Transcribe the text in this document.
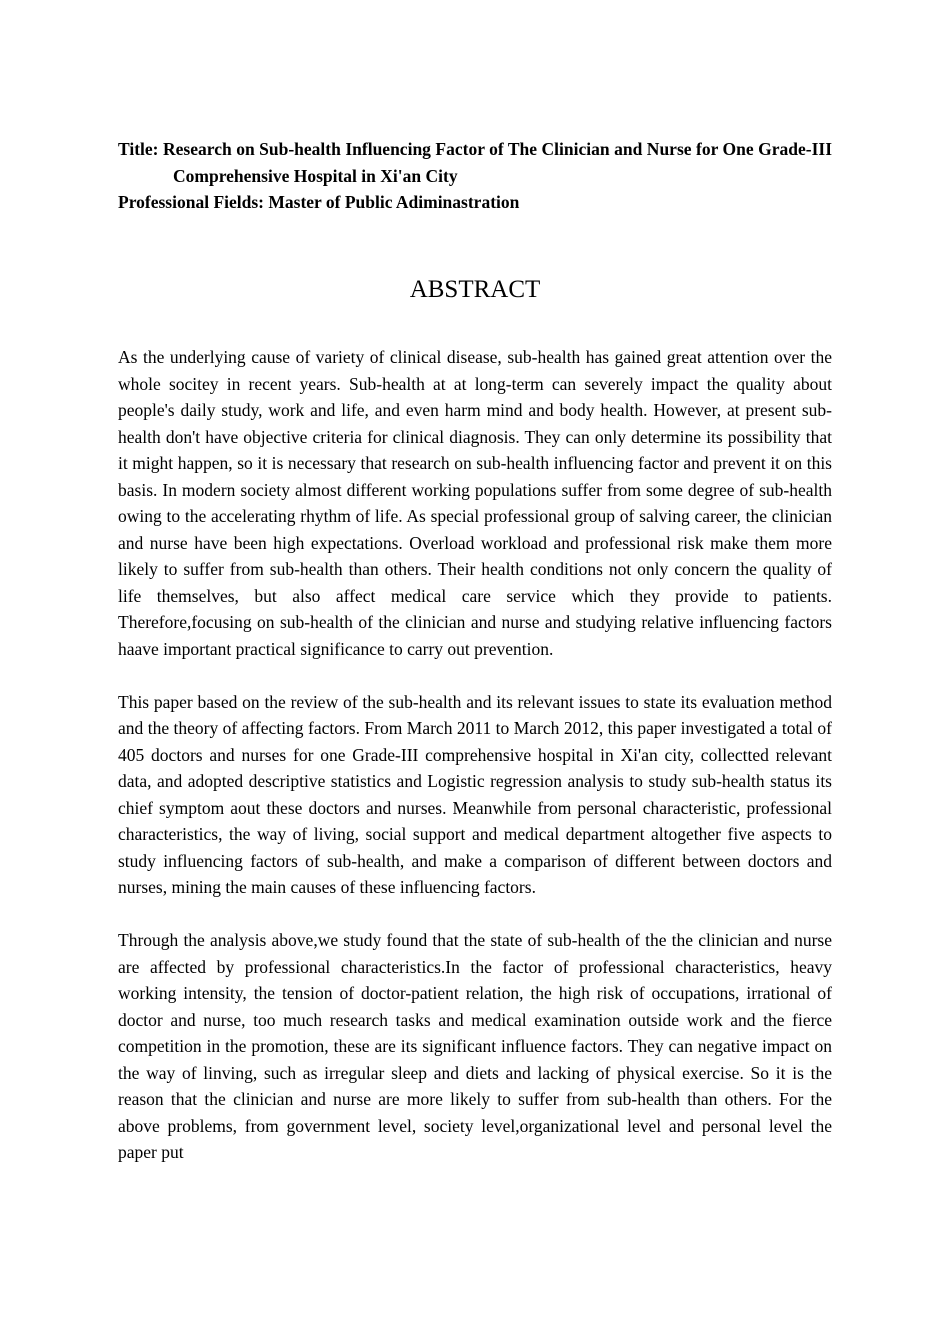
Title: Research on Sub-health Influencing Factor of The Clinician and Nurse for One Grade-III Comprehensive Hospital in Xi'an City
Professional Fields: Master of Public Adiminastration
ABSTRACT

As the underlying cause of variety of clinical disease, sub-health has gained great attention over the whole socitey in recent years. Sub-health at at long-term can severely impact the quality about people's daily study, work and life, and even harm mind and body health. However, at present sub-health don't have objective criteria for clinical diagnosis. They can only determine its possibility that it might happen, so it is necessary that research on sub-health influencing factor and prevent it on this basis. In modern society almost different working populations suffer from some degree of sub-health owing to the accelerating rhythm of life. As special professional group of salving career, the clinician and nurse have been high expectations. Overload workload and professional risk make them more likely to suffer from sub-health than others. Their health conditions not only concern the quality of life themselves, but also affect medical care service which they provide to patients. Therefore,focusing on sub-health of the clinician and nurse and studying relative influencing factors haave important practical significance to carry out prevention.

This paper based on the review of the sub-health and its relevant issues to state its evaluation method and the theory of affecting factors. From March 2011 to March 2012, this paper investigated a total of 405 doctors and nurses for one Grade-III comprehensive hospital in Xi'an city, collectted relevant data, and adopted descriptive statistics and Logistic regression analysis to study sub-health status its chief symptom aout these doctors and nurses. Meanwhile from personal characteristic, professional characteristics, the way of living, social support and medical department altogether five aspects to study influencing factors of sub-health, and make a comparison of different between doctors and nurses, mining the main causes of these influencing factors.

Through the analysis above,we study found that the state of sub-health of the the clinician and nurse are affected by professional characteristics.In the factor of professional characteristics, heavy working intensity, the tension of doctor-patient relation, the high risk of occupations, irrational of doctor and nurse, too much research tasks and medical examination outside work and the fierce competition in the promotion, these are its significant influence factors. They can negative impact on the way of linving, such as irregular sleep and diets and lacking of physical exercise. So it is the reason that the clinician and nurse are more likely to suffer from sub-health than others. For the above problems, from government level, society level,organizational level and personal level the paper put
